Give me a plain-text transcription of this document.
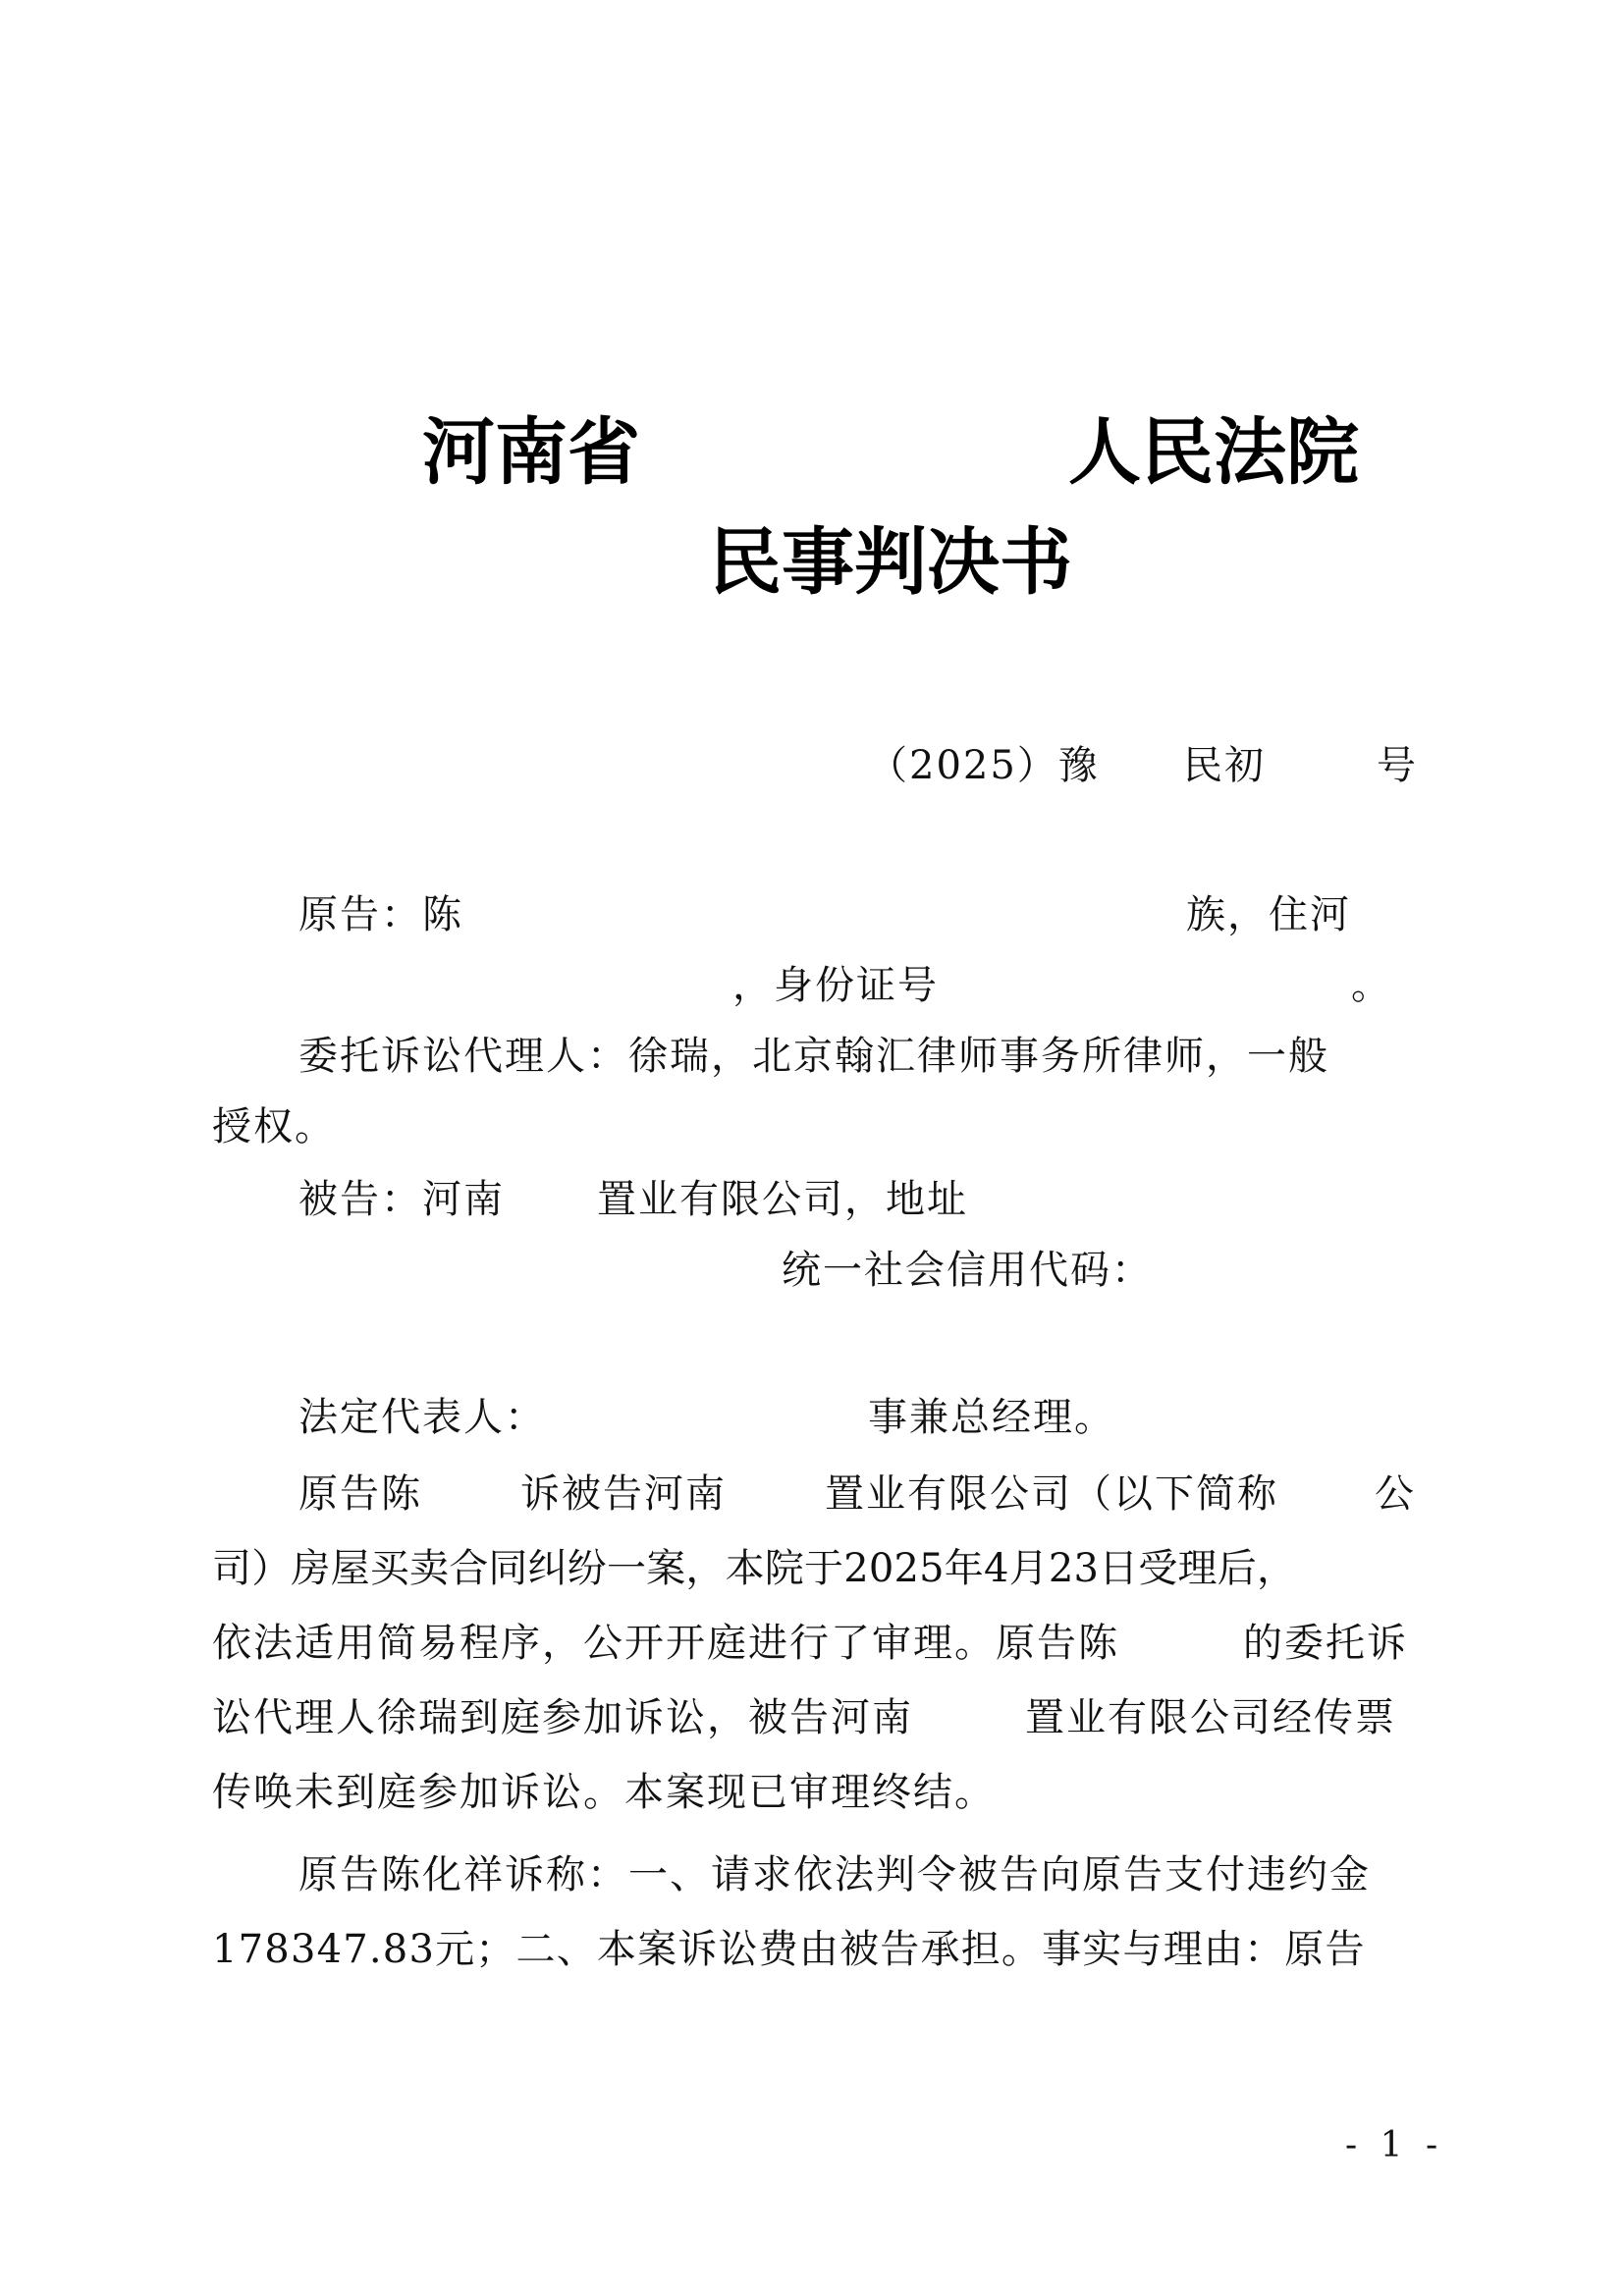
河南省	人民法院
民事判决书
（2025）豫 民初	号
原告：陈	族，住河
，身份证号	。
委托诉讼代理人：徐瑞，北京翰汇律师事务所律师，一般
授权。
被告：河南 置业有限公司，地址
统一社会信用代码：
法定代表人：	事兼总经理。
原告陈	诉被告河南	置业有限公司（以下简称 公
司）房屋买卖合同纠纷一案，本院于2025年4月23日受理后，
依法适用简易程序，公开开庭进行了审理。原告陈	的委托诉
讼代理人徐瑞到庭参加诉讼，被告河南	置业有限公司经传票
传唤未到庭参加诉讼。本案现已审理终结。
原告陈化祥诉称：一、请求依法判令被告向原告支付违约金
178347.83元；二、本案诉讼费由被告承担。事实与理由：原告
- 1 -
